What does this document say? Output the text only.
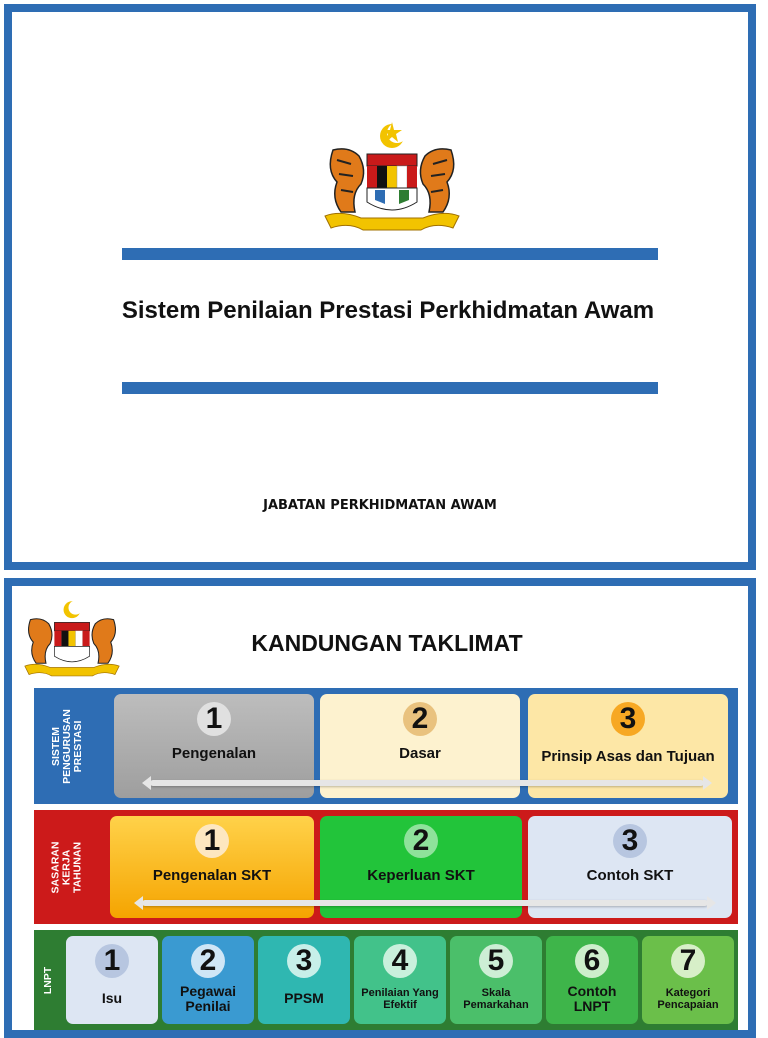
Sistem Penilaian Prestasi Perkhidmatan Awam
JABATAN PERKHIDMATAN AWAM
KANDUNGAN TAKLIMAT
SISTEM
PENGURUSAN
PRESTASI
1
Pengenalan
2
Dasar
3
Prinsip Asas dan Tujuan
SASARAN
KERJA
TAHUNAN
1
Pengenalan SKT
2
Keperluan SKT
3
Contoh SKT
LNPT
1
Isu
2
Pegawai Penilai
3
PPSM
4
Penilaian Yang Efektif
5
Skala Pemarkahan
6
Contoh LNPT
7
Kategori Pencapaian
